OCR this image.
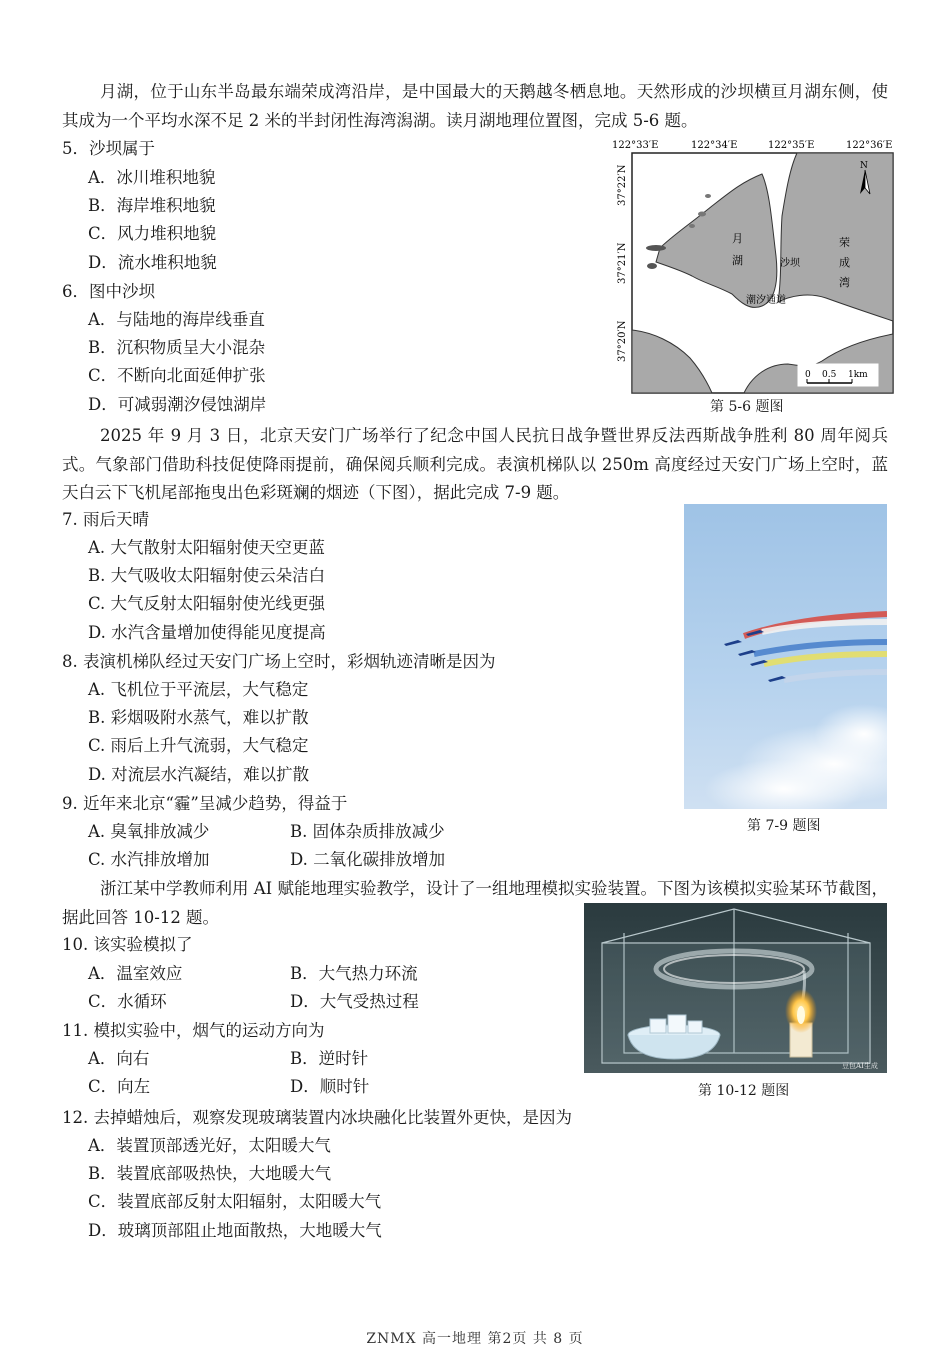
月湖，位于山东半岛最东端荣成湾沿岸，是中国最大的天鹅越冬栖息地。天然形成的沙坝横亘月湖东侧，使其成为一个平均水深不足 2 米的半封闭性海湾潟湖。读月湖地理位置图，完成 5-6 题。

5．沙坝属于

A．冰川堆积地貌

B．海岸堆积地貌

C．风力堆积地貌

D．流水堆积地貌

6．图中沙坝

A．与陆地的海岸线垂直

B．沉积物质呈大小混杂

C．不断向北面延伸扩张

D．可减弱潮汐侵蚀湖岸

122°33′E	122°34′E	122°35′E	122°36′E
37°22′N
37°21′N
37°20′N
月
湖	沙坝
荣
成
湾
潮汐通道
N
0 0.5 1km
第 5-6 题图

2025 年 9 月 3 日，北京天安门广场举行了纪念中国人民抗日战争暨世界反法西斯战争胜利 80 周年阅兵式。气象部门借助科技促使降雨提前，确保阅兵顺利完成。表演机梯队以 250m 高度经过天安门广场上空时，蓝天白云下飞机尾部拖曳出色彩斑斓的烟迹（下图），据此完成 7-9 题。

7. 雨后天晴

A. 大气散射太阳辐射使天空更蓝

B. 大气吸收太阳辐射使云朵洁白

C. 大气反射太阳辐射使光线更强

D. 水汽含量增加使得能见度提高

8. 表演机梯队经过天安门广场上空时，彩烟轨迹清晰是因为

A. 飞机位于平流层，大气稳定

B. 彩烟吸附水蒸气，难以扩散

C. 雨后上升气流弱，大气稳定

D. 对流层水汽凝结，难以扩散

9. 近年来北京“霾”呈减少趋势，得益于

A. 臭氧排放减少	B. 固体杂质排放减少

C. 水汽排放增加	D. 二氧化碳排放增加

第 7-9 题图

浙江某中学教师利用 AI 赋能地理实验教学，设计了一组地理模拟实验装置。下图为该模拟实验某环节截图，据此回答 10-12 题。

10. 该实验模拟了

A．温室效应	B．大气热力环流

C．水循环	D．大气受热过程

11. 模拟实验中，烟气的运动方向为

A．向右	B．逆时针

C．向左	D．顺时针

豆包AI生成
第 10-12 题图

12. 去掉蜡烛后，观察发现玻璃装置内冰块融化比装置外更快，是因为

A．装置顶部透光好，太阳暖大气

B．装置底部吸热快，大地暖大气

C．装置底部反射太阳辐射，太阳暖大气

D．玻璃顶部阻止地面散热，大地暖大气

ZNMX 高一地理 第2页 共 8 页
